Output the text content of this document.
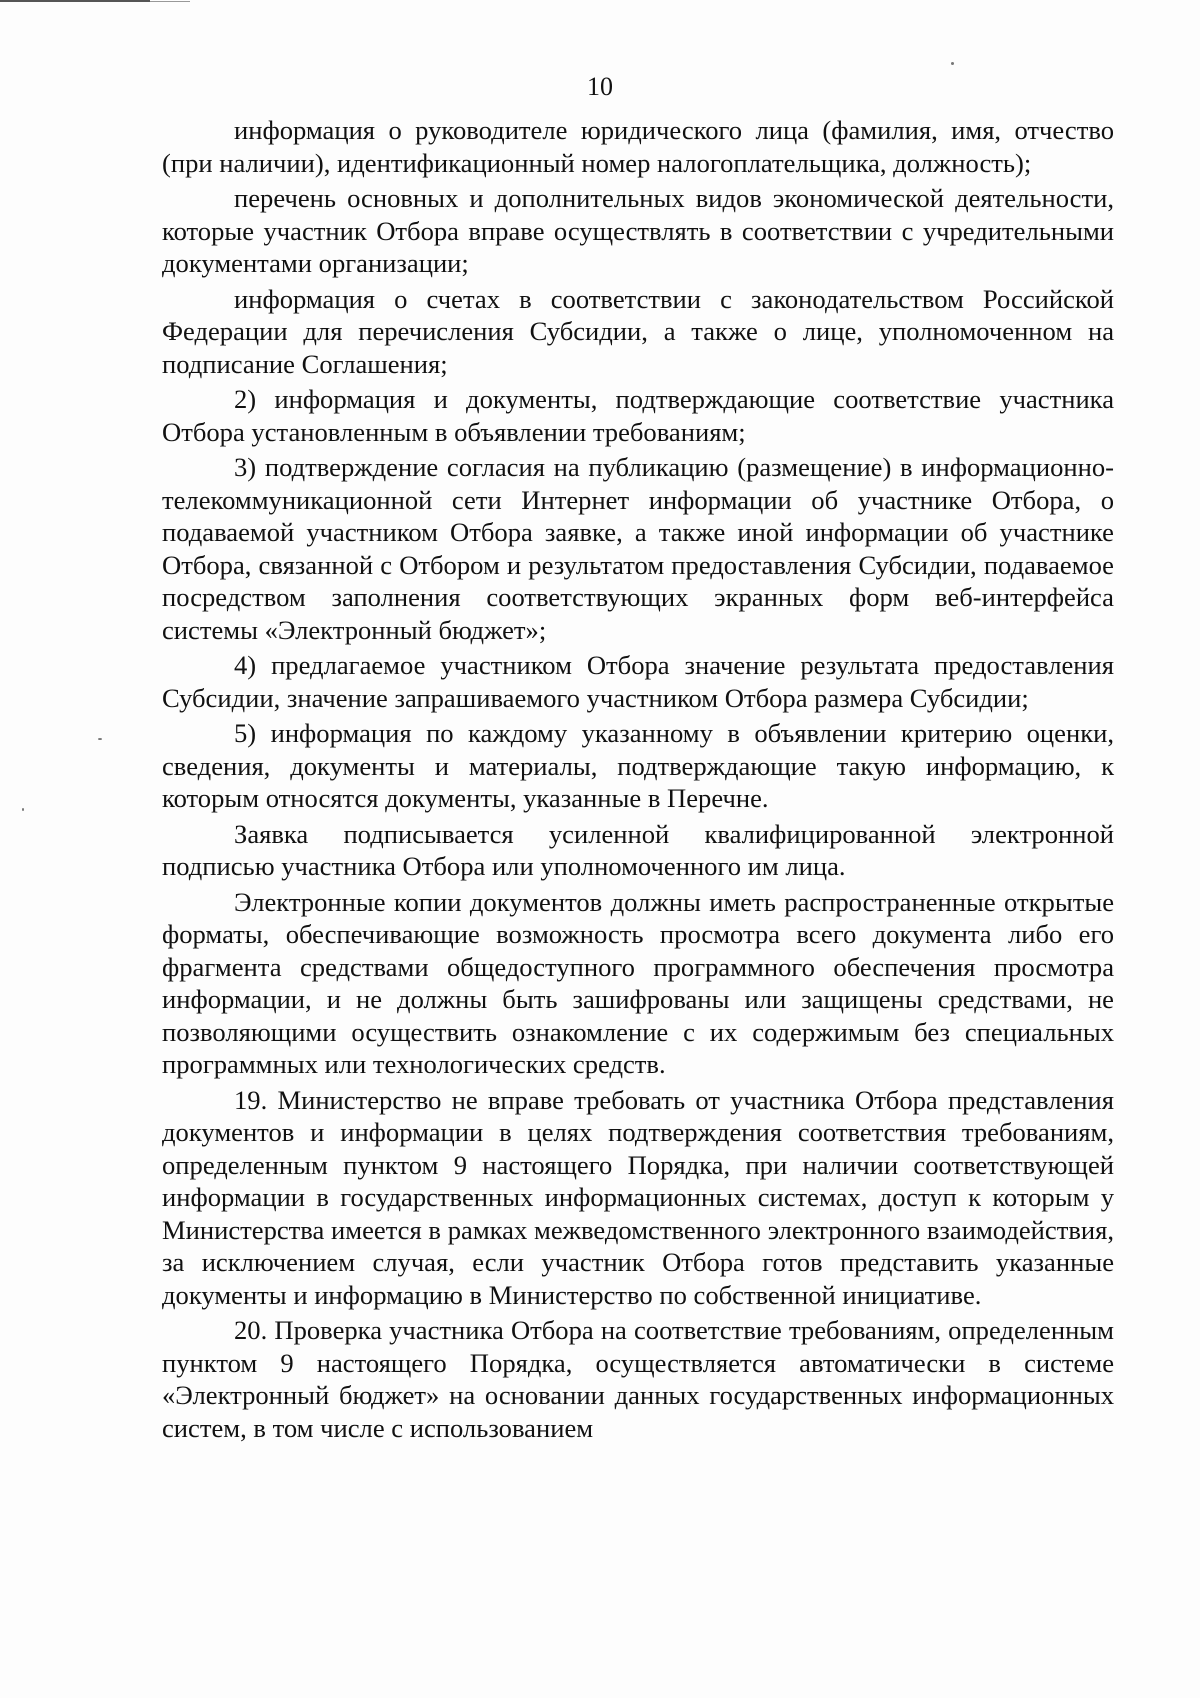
10

информация о руководителе юридического лица (фамилия, имя, отчество (при наличии), идентификационный номер налогоплательщика, должность);

перечень основных и дополнительных видов экономической деятельности, которые участник Отбора вправе осуществлять в соответствии с учредительными документами организации;

информация о счетах в соответствии с законодательством Российской Федерации для перечисления Субсидии, а также о лице, уполномоченном на подписание Соглашения;

2) информация и документы, подтверждающие соответствие участника Отбора установленным в объявлении требованиям;

3) подтверждение согласия на публикацию (размещение) в информационно-телекоммуникационной сети Интернет информации об участнике Отбора, о подаваемой участником Отбора заявке, а также иной информации об участнике Отбора, связанной с Отбором и результатом предоставления Субсидии, подаваемое посредством заполнения соответствующих экранных форм веб-интерфейса системы «Электронный бюджет»;

4) предлагаемое участником Отбора значение результата предоставления Субсидии, значение запрашиваемого участником Отбора размера Субсидии;

5) информация по каждому указанному в объявлении критерию оценки, сведения, документы и материалы, подтверждающие такую информацию, к которым относятся документы, указанные в Перечне.

Заявка подписывается усиленной квалифицированной электронной подписью участника Отбора или уполномоченного им лица.

Электронные копии документов должны иметь распространенные открытые форматы, обеспечивающие возможность просмотра всего документа либо его фрагмента средствами общедоступного программного обеспечения просмотра информации, и не должны быть зашифрованы или защищены средствами, не позволяющими осуществить ознакомление с их содержимым без специальных программных или технологических средств.

19. Министерство не вправе требовать от участника Отбора представления документов и информации в целях подтверждения соответствия требованиям, определенным пунктом 9 настоящего Порядка, при наличии соответствующей информации в государственных информационных системах, доступ к которым у Министерства имеется в рамках межведомственного электронного взаимодействия, за исключением случая, если участник Отбора готов представить указанные документы и информацию в Министерство по собственной инициативе.

20. Проверка участника Отбора на соответствие требованиям, определенным пунктом 9 настоящего Порядка, осуществляется автоматически в системе «Электронный бюджет» на основании данных государственных информационных систем, в том числе с использованием
